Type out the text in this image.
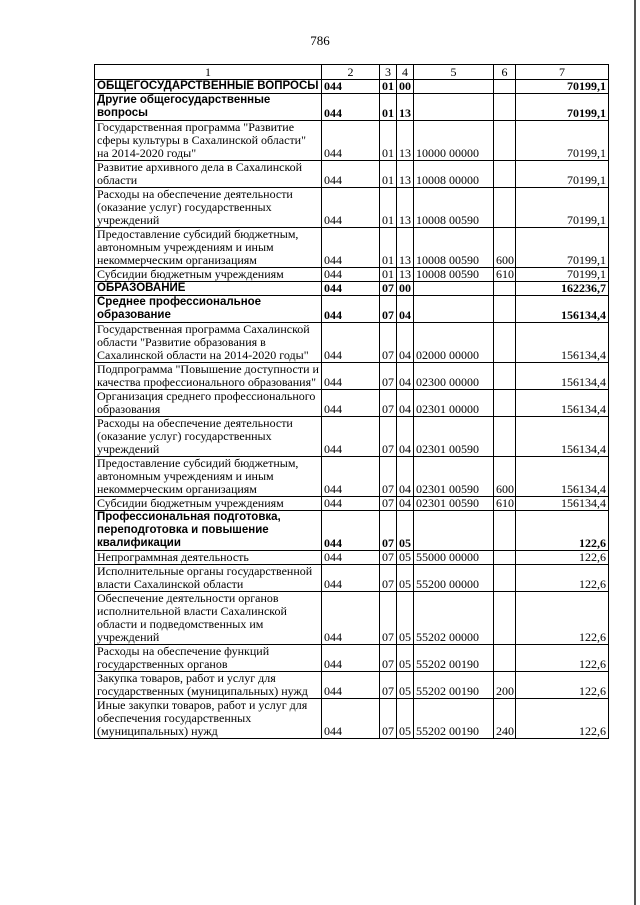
786
1	2	3	4	5	6	7
ОБЩЕГОСУДАРСТВЕННЫЕ ВОПРОСЫ	044	01	00			70199,1
Другие общегосударственные вопросы	044	01	13			70199,1
Государственная программа "Развитие сферы культуры в Сахалинской области" на 2014-2020 годы"	044	01	13	10000 00000		70199,1
Развитие архивного дела в Сахалинской области	044	01	13	10008 00000		70199,1
Расходы на обеспечение деятельности (оказание услуг) государственных учреждений	044	01	13	10008 00590		70199,1
Предоставление субсидий бюджетным, автономным учреждениям и иным некоммерческим организациям	044	01	13	10008 00590	600	70199,1
Субсидии бюджетным учреждениям	044	01	13	10008 00590	610	70199,1
ОБРАЗОВАНИЕ	044	07	00			162236,7
Среднее профессиональное образование	044	07	04			156134,4
Государственная программа Сахалинской области "Развитие образования в Сахалинской области на 2014-2020 годы"	044	07	04	02000 00000		156134,4
Подпрограмма "Повышение доступности и качества профессионального образования"	044	07	04	02300 00000		156134,4
Организация среднего профессионального образования	044	07	04	02301 00000		156134,4
Расходы на обеспечение деятельности (оказание услуг) государственных учреждений	044	07	04	02301 00590		156134,4
Предоставление субсидий бюджетным, автономным учреждениям и иным некоммерческим организациям	044	07	04	02301 00590	600	156134,4
Субсидии бюджетным учреждениям	044	07	04	02301 00590	610	156134,4
Профессиональная подготовка, переподготовка и повышение квалификации	044	07	05			122,6
Непрограммная деятельность	044	07	05	55000 00000		122,6
Исполнительные органы государственной власти Сахалинской области	044	07	05	55200 00000		122,6
Обеспечение деятельности органов исполнительной власти Сахалинской области и подведомственных им учреждений	044	07	05	55202 00000		122,6
Расходы на обеспечение функций государственных органов	044	07	05	55202 00190		122,6
Закупка товаров, работ и услуг для государственных (муниципальных) нужд	044	07	05	55202 00190	200	122,6
Иные закупки товаров, работ и услуг для обеспечения государственных (муниципальных) нужд	044	07	05	55202 00190	240	122,6
